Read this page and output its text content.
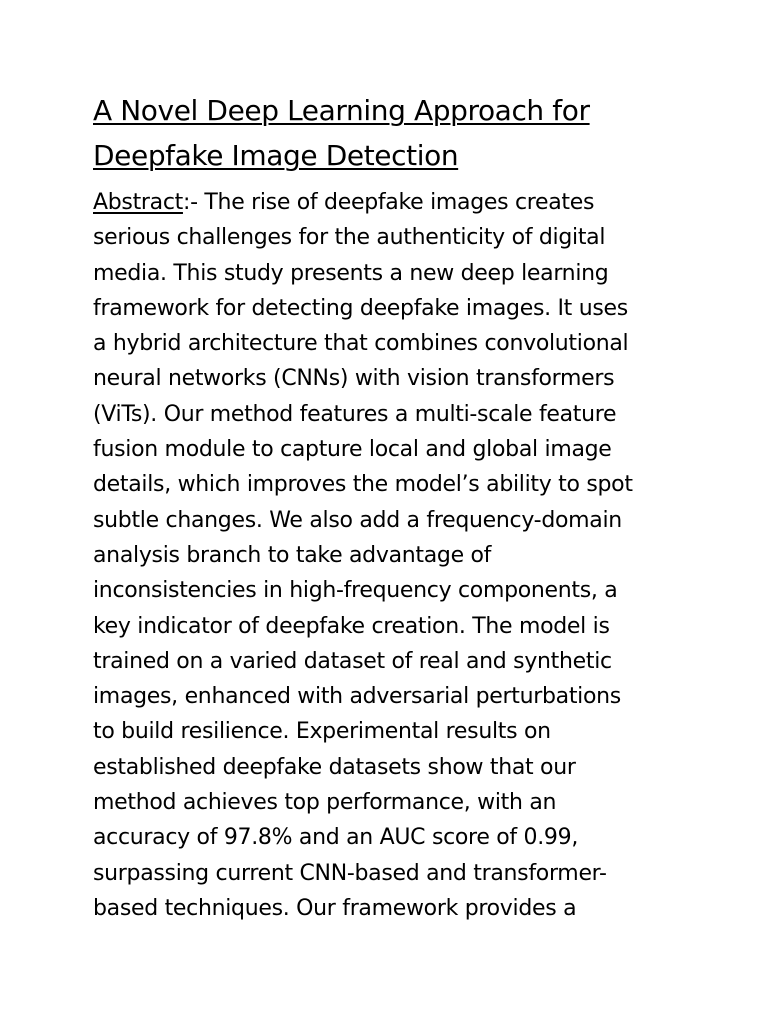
A Novel Deep Learning Approach for
Deepfake Image Detection
Abstract:- The rise of deepfake images creates
serious challenges for the authenticity of digital
media. This study presents a new deep learning
framework for detecting deepfake images. It uses
a hybrid architecture that combines convolutional
neural networks (CNNs) with vision transformers
(ViTs). Our method features a multi-scale feature
fusion module to capture local and global image
details, which improves the model’s ability to spot
subtle changes. We also add a frequency-domain
analysis branch to take advantage of
inconsistencies in high-frequency components, a
key indicator of deepfake creation. The model is
trained on a varied dataset of real and synthetic
images, enhanced with adversarial perturbations
to build resilience. Experimental results on
established deepfake datasets show that our
method achieves top performance, with an
accuracy of 97.8% and an AUC score of 0.99,
surpassing current CNN-based and transformer-
based techniques. Our framework provides a
